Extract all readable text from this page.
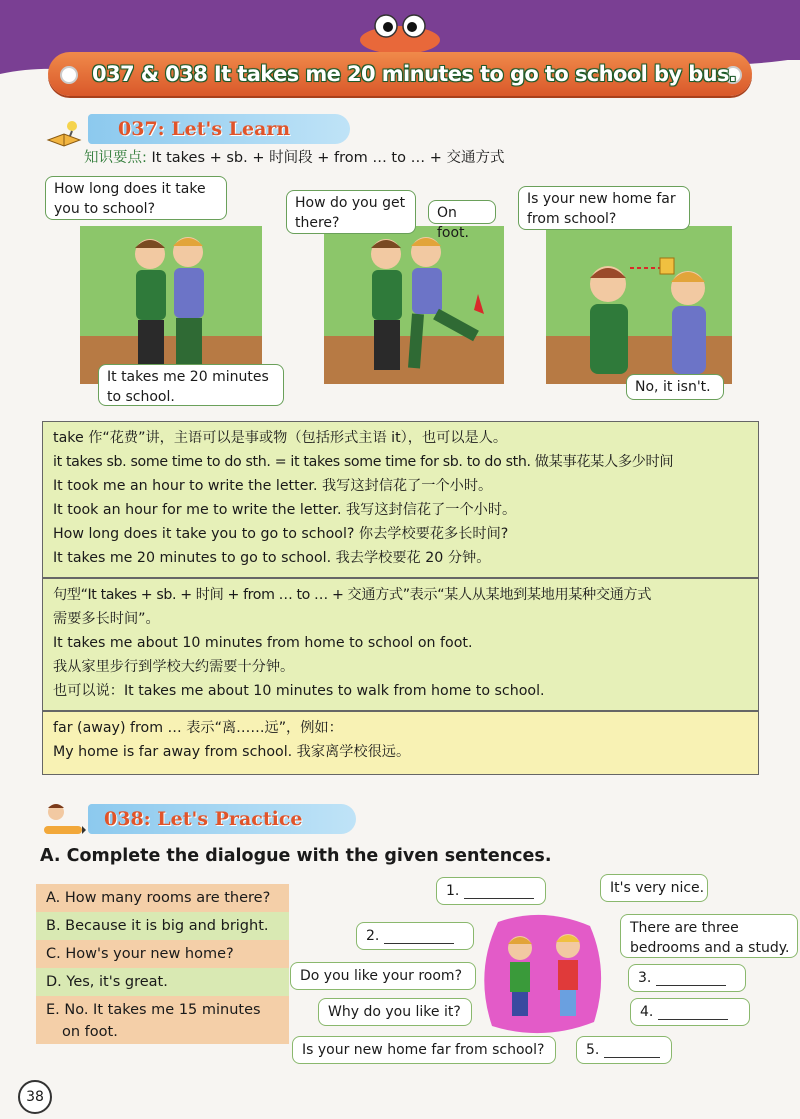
037 & 038 It takes me 20 minutes to go to school by bus.
037: Let's Learn
知识要点: It takes + sb. + 时间段 + from … to … + 交通方式
How long does it take you to school?
It takes me 20 minutes to school.
How do you get there?
On foot.
Is your new home far from school?
No, it isn't.
take 作“花费”讲，主语可以是事或物（包括形式主语 it），也可以是人。
it takes sb. some time to do sth. = it takes some time for sb. to do sth. 做某事花某人多少时间
It took me an hour to write the letter. 我写这封信花了一个小时。
It took an hour for me to write the letter. 我写这封信花了一个小时。
How long does it take you to go to school? 你去学校要花多长时间?
It takes me 20 minutes to go to school. 我去学校要花 20 分钟。
句型“It takes + sb. + 时间 + from … to … + 交通方式”表示“某人从某地到某地用某种交通方式
需要多长时间”。
It takes me about 10 minutes from home to school on foot.
我从家里步行到学校大约需要十分钟。
也可以说：It takes me about 10 minutes to walk from home to school.
far (away) from … 表示“离……远”，例如：
My home is far away from school. 我家离学校很远。
038: Let's Practice
A. Complete the dialogue with the given sentences.
A. How many rooms are there?
B. Because it is big and bright.
C. How's your new home?
D. Yes, it's great.
E. No. It takes me 15 minutes
on foot.
1.
2.
Do you like your room?
Why do you like it?
Is your new home far from school?
It's very nice.
There are three
bedrooms and a study.
3.
4.
5.
38
